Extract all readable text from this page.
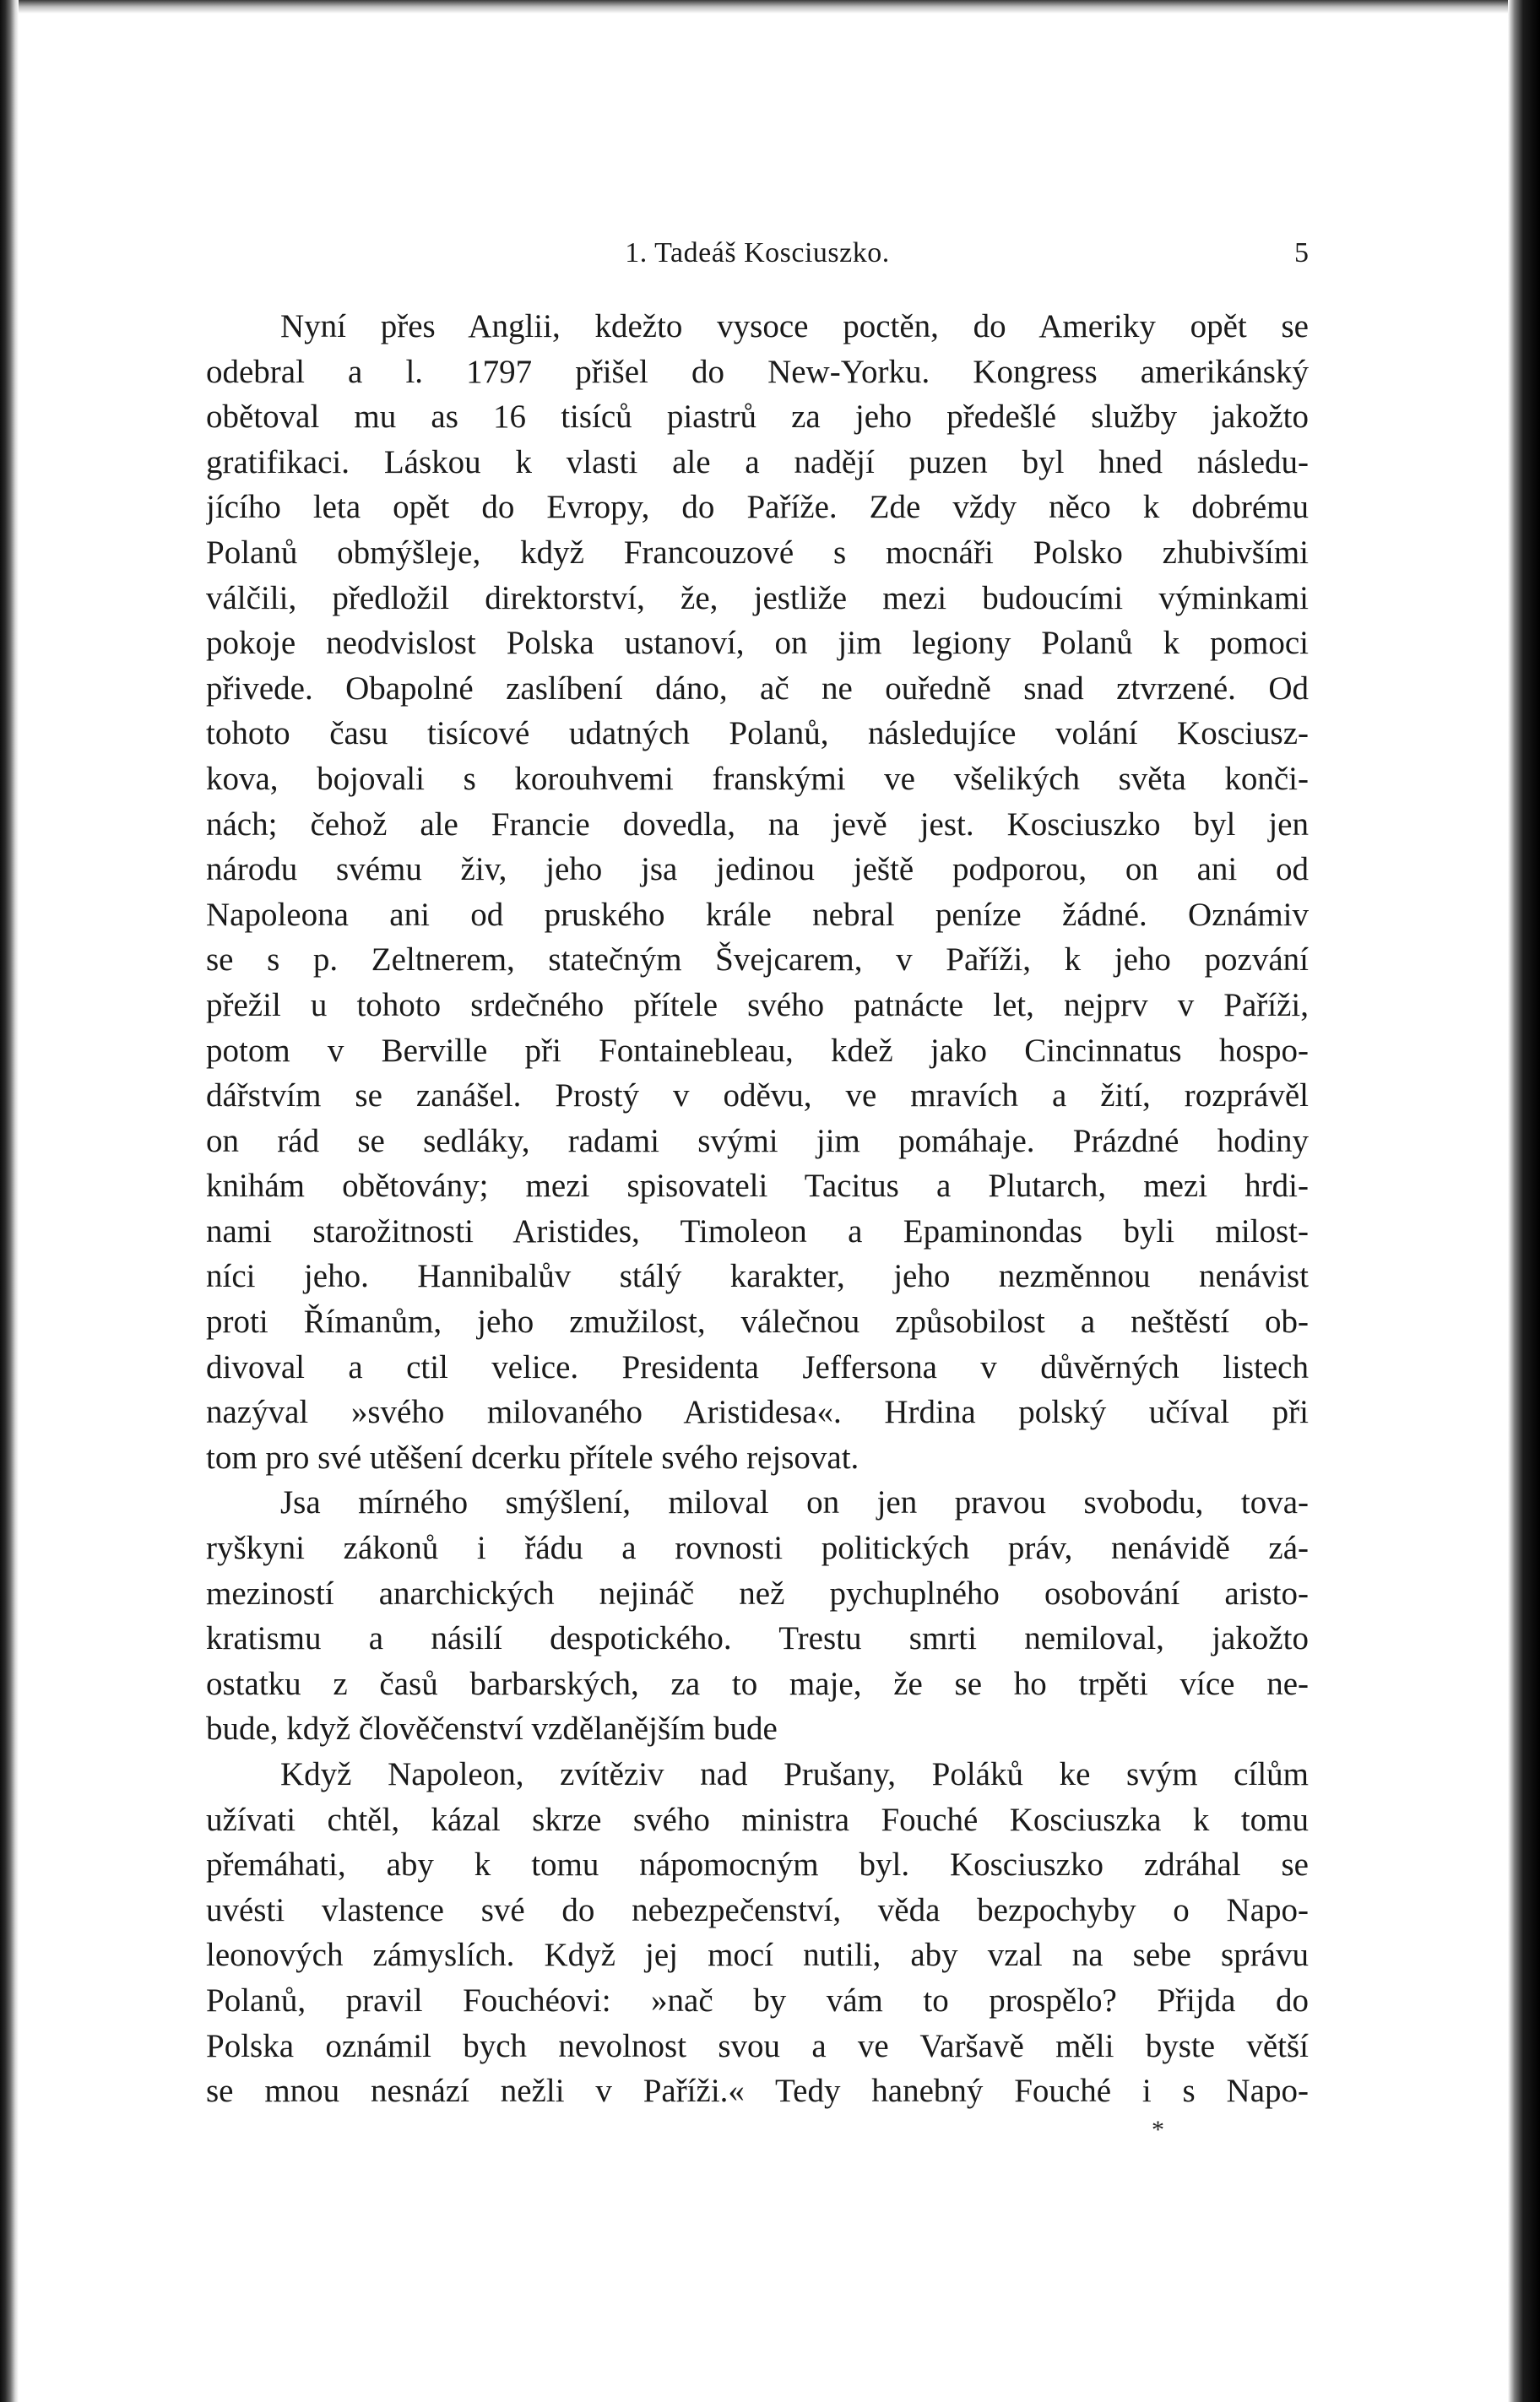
1. Tadeáš Kosciuszko.	5
Nyní přes Anglii, kdežto vysoce poctěn, do Ameriky opět se
odebral a l. 1797 přišel do New-Yorku. Kongress amerikánský
obětoval mu as 16 tisíců piastrů za jeho předešlé služby jakožto
gratifikaci. Láskou k vlasti ale a nadějí puzen byl hned následu-
jícího leta opět do Evropy, do Paříže. Zde vždy něco k dobrému
Polanů obmýšleje, když Francouzové s mocnáři Polsko zhubivšími
válčili, předložil direktorství, že, jestliže mezi budoucími výminkami
pokoje neodvislost Polska ustanoví, on jim legiony Polanů k pomoci
přivede. Obapolné zaslíbení dáno, ač ne ouředně snad ztvrzené. Od
tohoto času tisícové udatných Polanů, následujíce volání Kosciusz-
kova, bojovali s korouhvemi franskými ve všelikých světa konči-
nách; čehož ale Francie dovedla, na jevě jest. Kosciuszko byl jen
národu svému živ, jeho jsa jedinou ještě podporou, on ani od
Napoleona ani od pruského krále nebral peníze žádné. Oznámiv
se s p. Zeltnerem, statečným Švejcarem, v Paříži, k jeho pozvání
přežil u tohoto srdečného přítele svého patnácte let, nejprv v Paříži,
potom v Berville při Fontainebleau, kdež jako Cincinnatus hospo-
dářstvím se zanášel. Prostý v oděvu, ve mravích a žití, rozprávěl
on rád se sedláky, radami svými jim pomáhaje. Prázdné hodiny
knihám obětovány; mezi spisovateli Tacitus a Plutarch, mezi hrdi-
nami starožitnosti Aristides, Timoleon a Epaminondas byli milost-
níci jeho. Hannibalův stálý karakter, jeho nezměnnou nenávist
proti Římanům, jeho zmužilost, válečnou způsobilost a neštěstí ob-
divoval a ctil velice. Presidenta Jeffersona v důvěrných listech
nazýval »svého milovaného Aristidesa«. Hrdina polský učíval při
tom pro své utěšení dcerku přítele svého rejsovat.
Jsa mírného smýšlení, miloval on jen pravou svobodu, tova-
ryškyni zákonů i řádu a rovnosti politických práv, nenávidě zá-
meziností anarchických nejináč než pychuplného osobování aristo-
kratismu a násilí despotického. Trestu smrti nemiloval, jakožto
ostatku z časů barbarských, za to maje, že se ho trpěti více ne-
bude, když člověčenství vzdělanějším bude
Když Napoleon, zvítěziv nad Prušany, Poláků ke svým cílům
užívati chtěl, kázal skrze svého ministra Fouché Kosciuszka k tomu
přemáhati, aby k tomu nápomocným byl. Kosciuszko zdráhal se
uvésti vlastence své do nebezpečenství, věda bezpochyby o Napo-
leonových zámyslích. Když jej mocí nutili, aby vzal na sebe správu
Polanů, pravil Fouchéovi: »nač by vám to prospělo? Přijda do
Polska oznámil bych nevolnost svou a ve Varšavě měli byste větší
se mnou nesnází nežli v Paříži.« Tedy hanebný Fouché i s Napo-
*
